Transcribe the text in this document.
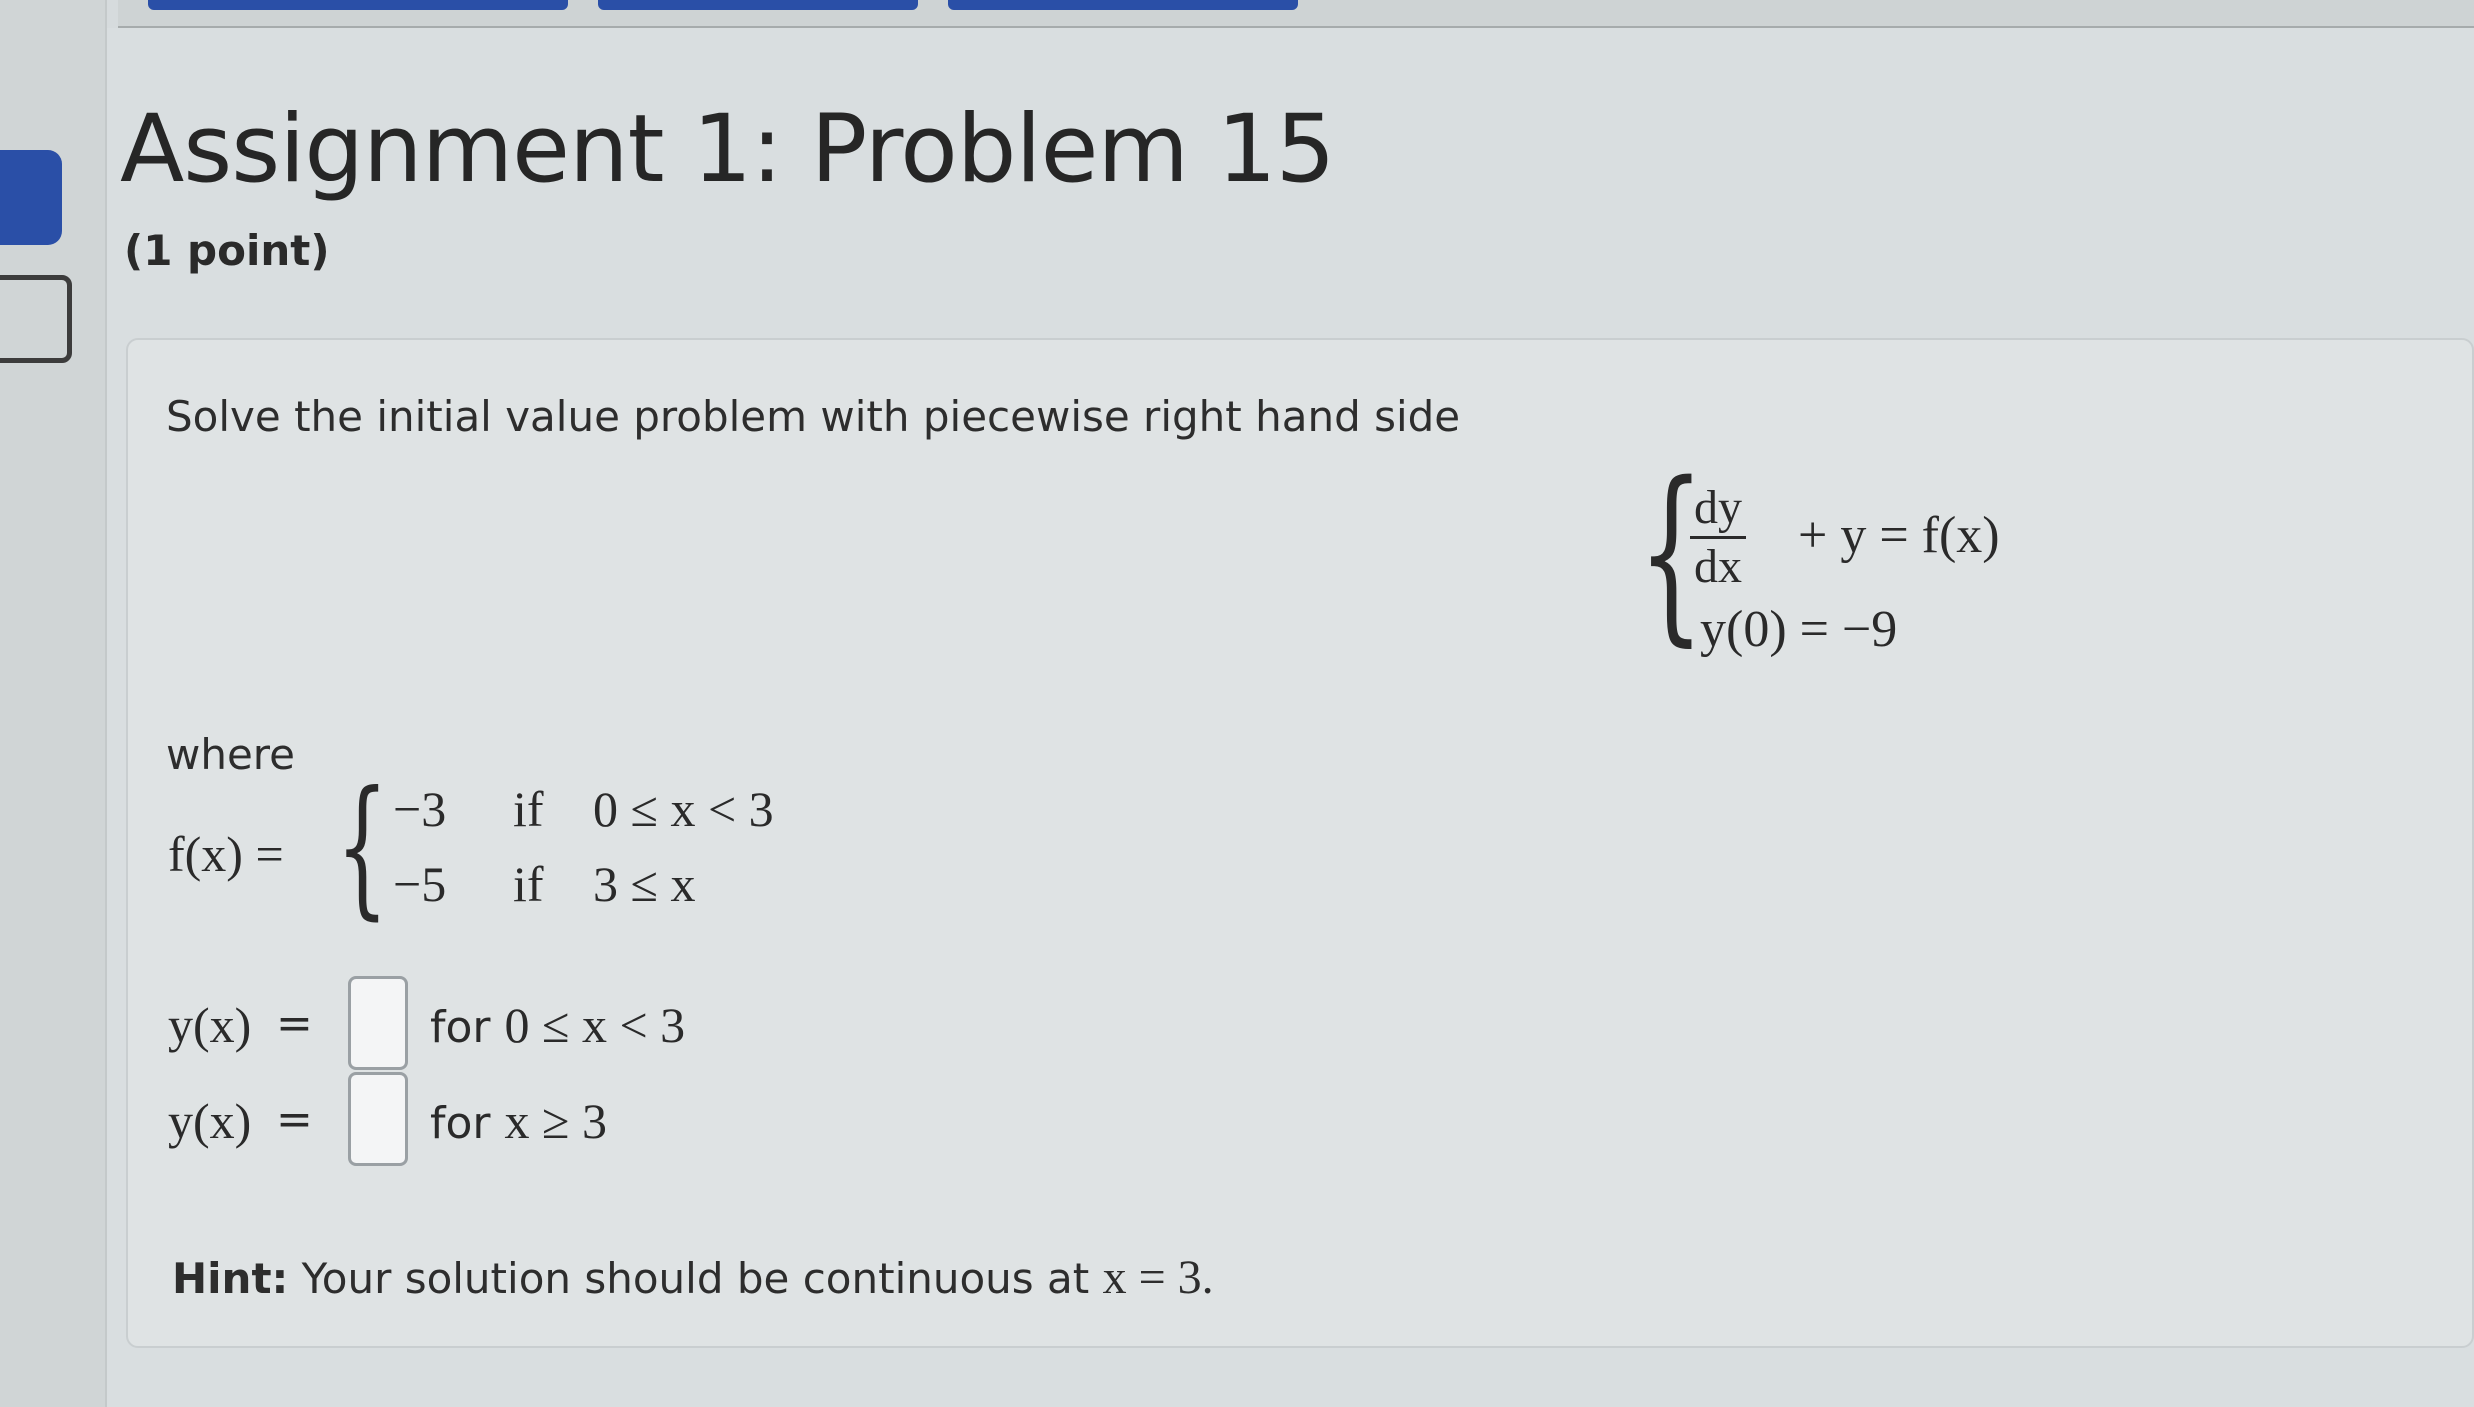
Assignment 1: Problem 15
(1 point)
Solve the initial value problem with piecewise right hand side
{
$\frac{dy}{dx} + y = f(x)$
y(0) = −9
where
f(x) = { −3 if 0 ≤ x < 3
−5 if 3 ≤ x
y(x) =	for 0 ≤ x < 3
y(x) =	for x ≥ 3
Hint: Your solution should be continuous at x = 3.
